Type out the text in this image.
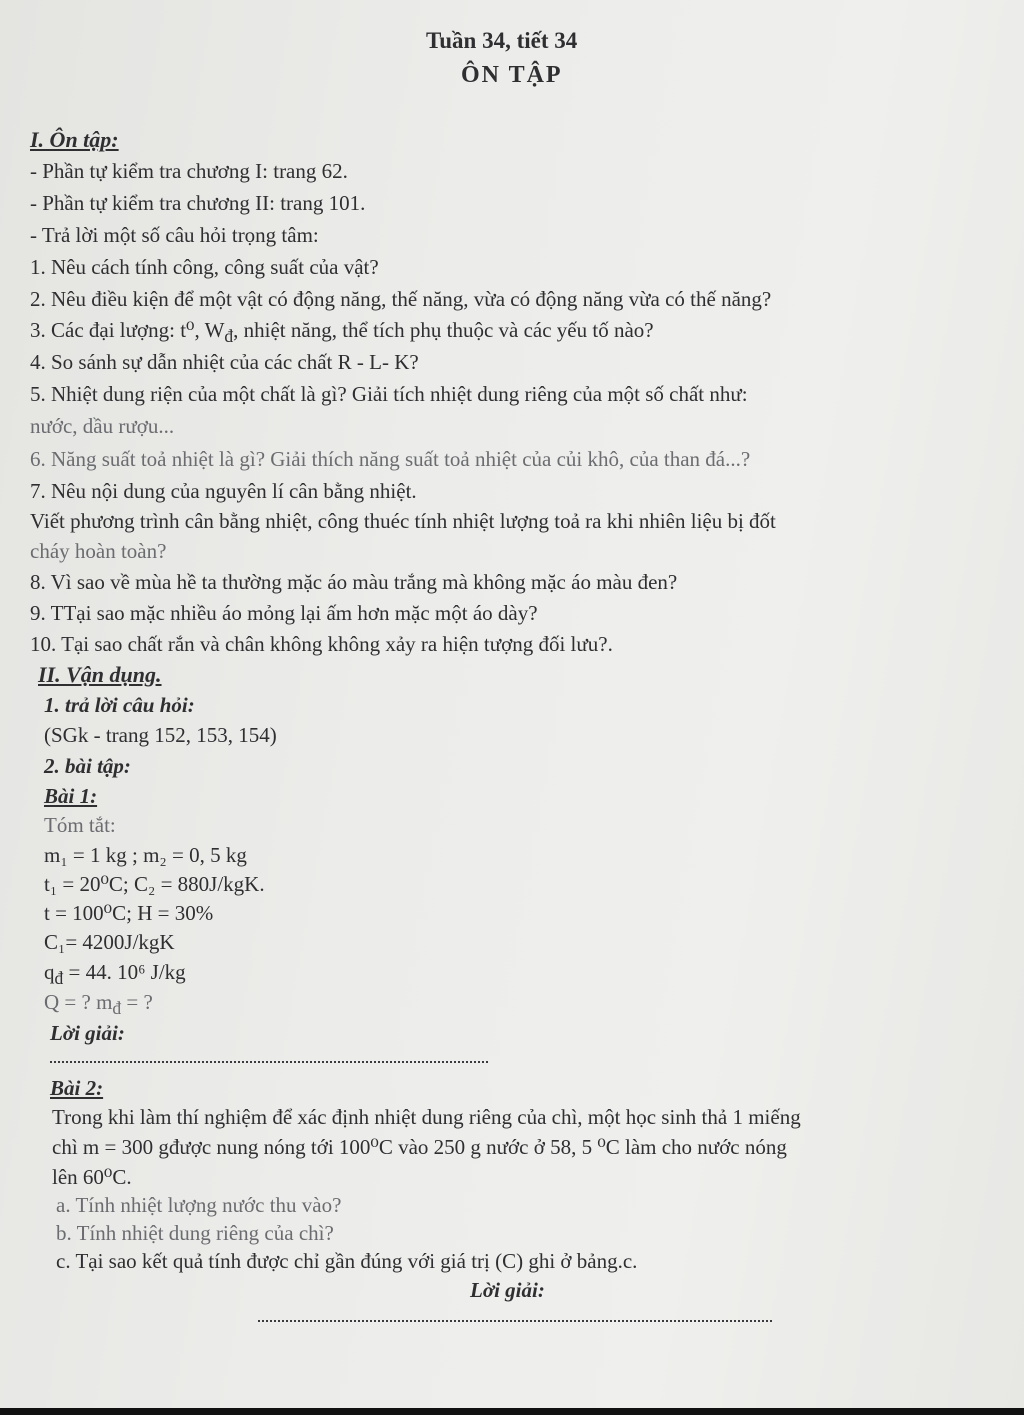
Tuần 34, tiết 34
ÔN TẬP
I. Ôn tập:
- Phần tự kiểm tra chương I: trang 62.
- Phần tự kiểm tra chương II: trang 101.
- Trả lời một số câu hỏi trọng tâm:
1. Nêu cách tính công, công suất của vật?
2. Nêu điều kiện để một vật có động năng, thế năng, vừa có động năng vừa có thế năng?
3. Các đại lượng: t⁰, $W_đ$, nhiệt năng, thể tích phụ thuộc và các yếu tố nào?
4. So sánh sự dẫn nhiệt của các chất R - L- K?
5. Nhiệt dung riện của một chất là gì? Giải tích nhiệt dung riêng của một số chất như:
nước, dầu rượu...
6. Năng suất toả nhiệt là gì? Giải thích năng suất toả nhiệt của củi khô, của than đá...?
7. Nêu nội dung của nguyên lí cân bằng nhiệt.
Viết phương trình cân bằng nhiệt, công thuéc tính nhiệt lượng toả ra khi nhiên liệu bị đốt
cháy hoàn toàn?
8. Vì sao về mùa hề ta thường mặc áo màu trắng mà không mặc áo màu đen?
9. TTại sao mặc nhiều áo mỏng lại ấm hơn mặc một áo dày?
10. Tại sao chất rắn và chân không không xảy ra hiện tượng đối lưu?.
II. Vận dụng.
1. trả lời câu hỏi:
(SGk - trang 152, 153, 154)
2. bài tập:
Bài 1:
Tóm tắt:
m₁ = 1 kg ; m₂ = 0, 5 kg
t₁ = 20⁰C; C₂ = 880J/kgK.
t = 100⁰C; H = 30%
C₁= 4200J/kgK
$q_đ = 44$. 10⁶ J/kg
Q = ? $m_đ$ = ?
Lời giải:
Bài 2:
Trong khi làm thí nghiệm để xác định nhiệt dung riêng của chì, một học sinh thả 1 miếng
chì m = 300 gđược nung nóng tới 100⁰C vào 250 g nước ở 58, 5 ⁰C làm cho nước nóng
lên 60⁰C.
a. Tính nhiệt lượng nước thu vào?
b. Tính nhiệt dung riêng của chì?
c. Tại sao kết quả tính được chỉ gần đúng với giá trị (C) ghi ở bảng.c.
Lời giải:
